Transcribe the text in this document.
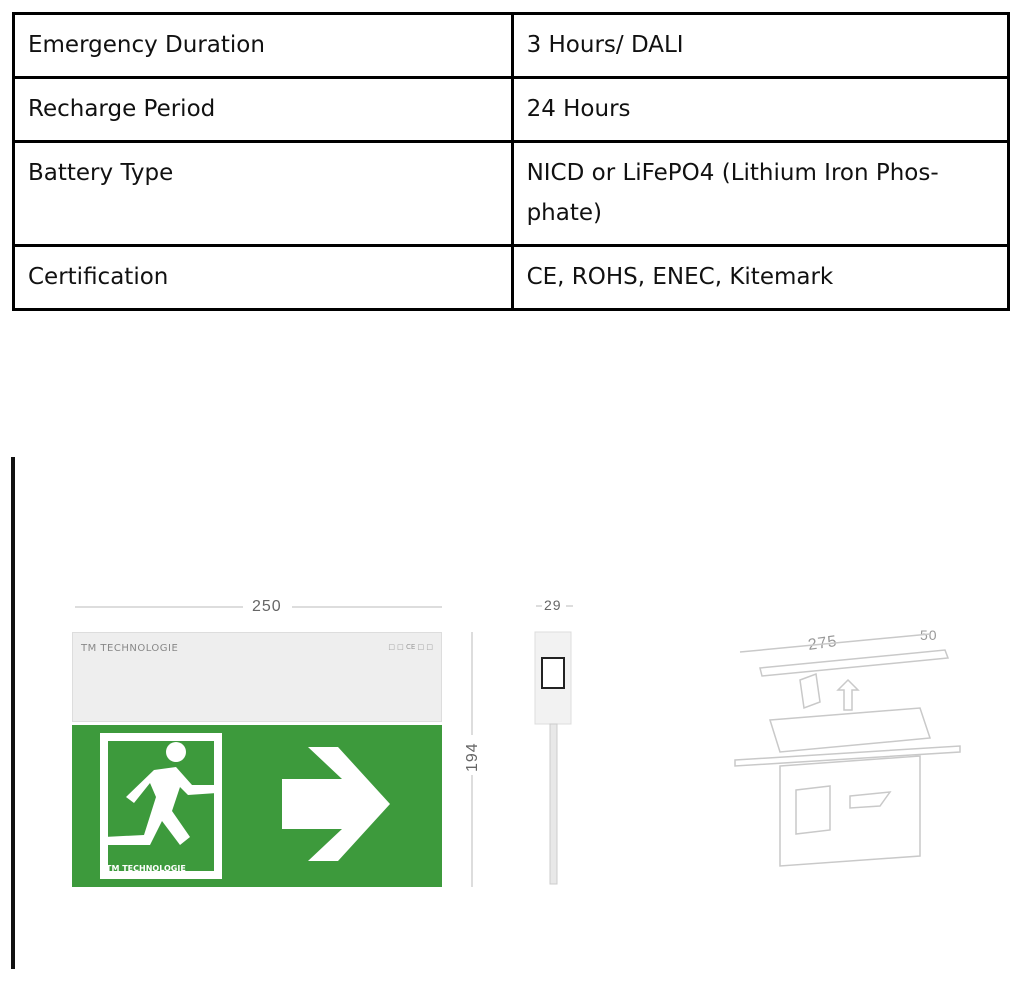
Emergency Duration	3 Hours/ DALI
Recharge Period	24 Hours
Battery Type	NICD or LiFePO4 (Lithium Iron Phos-phate)
Certification	CE, ROHS, ENEC, Kitemark
250
194
29
TM TECHNOLOGIE	□ □ CE □ □
TM TECHNOLOGIE
275	50
